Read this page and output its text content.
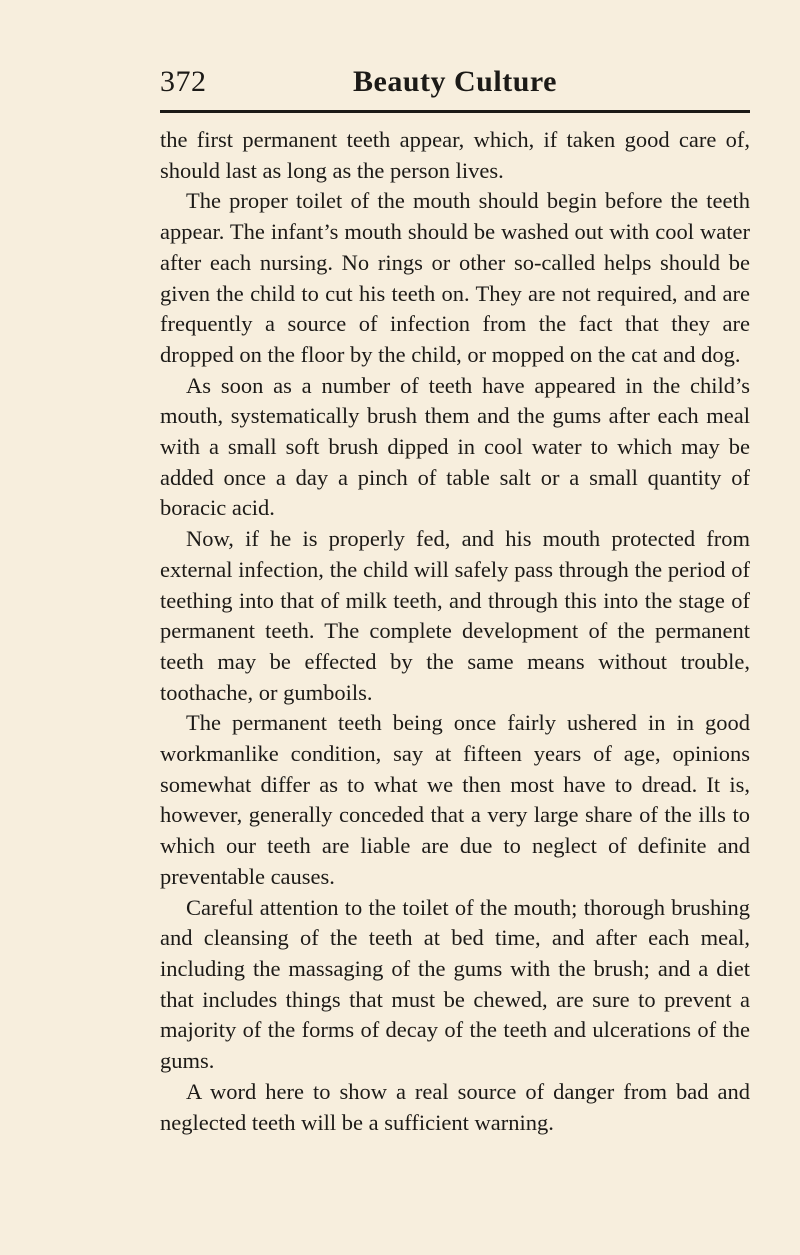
372	Beauty Culture

the first permanent teeth appear, which, if taken good care of, should last as long as the person lives.

The proper toilet of the mouth should begin before the teeth appear. The infant’s mouth should be washed out with cool water after each nursing. No rings or other so-called helps should be given the child to cut his teeth on. They are not required, and are frequently a source of infection from the fact that they are dropped on the floor by the child, or mopped on the cat and dog.

As soon as a number of teeth have appeared in the child’s mouth, systematically brush them and the gums after each meal with a small soft brush dipped in cool water to which may be added once a day a pinch of table salt or a small quantity of boracic acid.

Now, if he is properly fed, and his mouth protected from external infection, the child will safely pass through the period of teething into that of milk teeth, and through this into the stage of permanent teeth. The complete development of the permanent teeth may be effected by the same means without trouble, toothache, or gumboils.

The permanent teeth being once fairly ushered in in good workmanlike condition, say at fifteen years of age, opinions somewhat differ as to what we then most have to dread. It is, however, generally conceded that a very large share of the ills to which our teeth are liable are due to neglect of definite and preventable causes.

Careful attention to the toilet of the mouth; thorough brushing and cleansing of the teeth at bed time, and after each meal, including the massaging of the gums with the brush; and a diet that includes things that must be chewed, are sure to prevent a majority of the forms of decay of the teeth and ulcerations of the gums.

A word here to show a real source of danger from bad and neglected teeth will be a sufficient warning.
